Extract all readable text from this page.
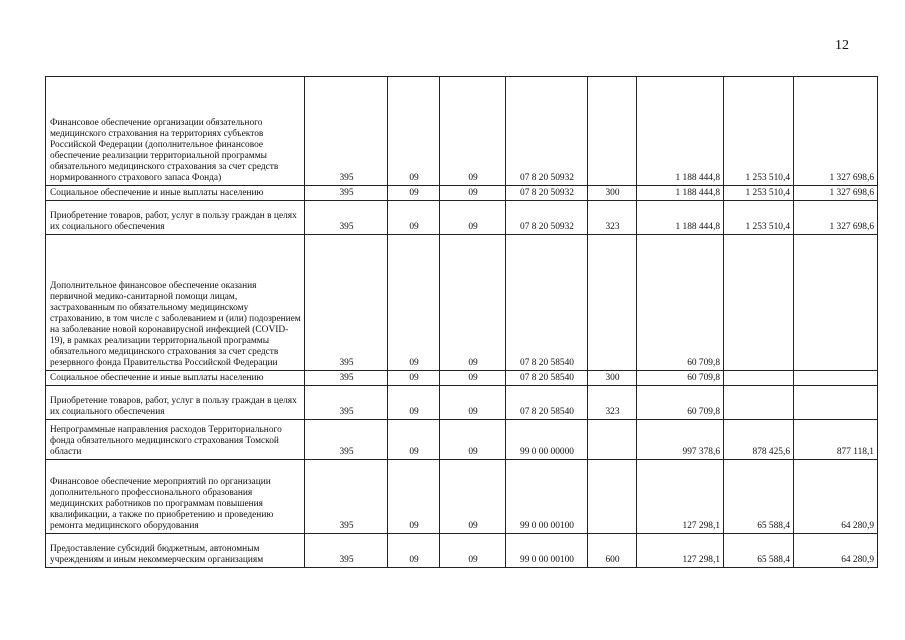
12
Финансовое обеспечение организации обязательного медицинского страхования на территориях субъектов Российской Федерации (дополнительное финансовое обеспечение реализации территориальной программы обязательного медицинского страхования за счет средств нормированного страхового запаса Фонда)	395	09	09	07 8 20 50932		1 188 444,8	1 253 510,4	1 327 698,6
Социальное обеспечение и иные выплаты населению	395	09	09	07 8 20 50932	300	1 188 444,8	1 253 510,4	1 327 698,6
Приобретение товаров, работ, услуг в пользу граждан в целях их социального обеспечения	395	09	09	07 8 20 50932	323	1 188 444,8	1 253 510,4	1 327 698,6
Дополнительное финансовое обеспечение оказания первичной медико-санитарной помощи лицам, застрахованным по обязательному медицинскому страхованию, в том числе с заболеванием и (или) подозрением на заболевание новой коронавирусной инфекцией (COVID-19), в рамках реализации территориальной программы обязательного медицинского страхования за счет средств резервного фонда Правительства Российской Федерации	395	09	09	07 8 20 58540		60 709,8		
Социальное обеспечение и иные выплаты населению	395	09	09	07 8 20 58540	300	60 709,8		
Приобретение товаров, работ, услуг в пользу граждан в целях их социального обеспечения	395	09	09	07 8 20 58540	323	60 709,8		
Непрограммные направления расходов Территориального фонда обязательного медицинского страхования Томской области	395	09	09	99 0 00 00000		997 378,6	878 425,6	877 118,1
Финансовое обеспечение мероприятий по организации дополнительного профессионального образования медицинских работников по программам повышения квалификации, а также по приобретению и проведению ремонта медицинского оборудования	395	09	09	99 0 00 00100		127 298,1	65 588,4	64 280,9
Предоставление субсидий бюджетным, автономным учреждениям и иным некоммерческим организациям	395	09	09	99 0 00 00100	600	127 298,1	65 588,4	64 280,9
